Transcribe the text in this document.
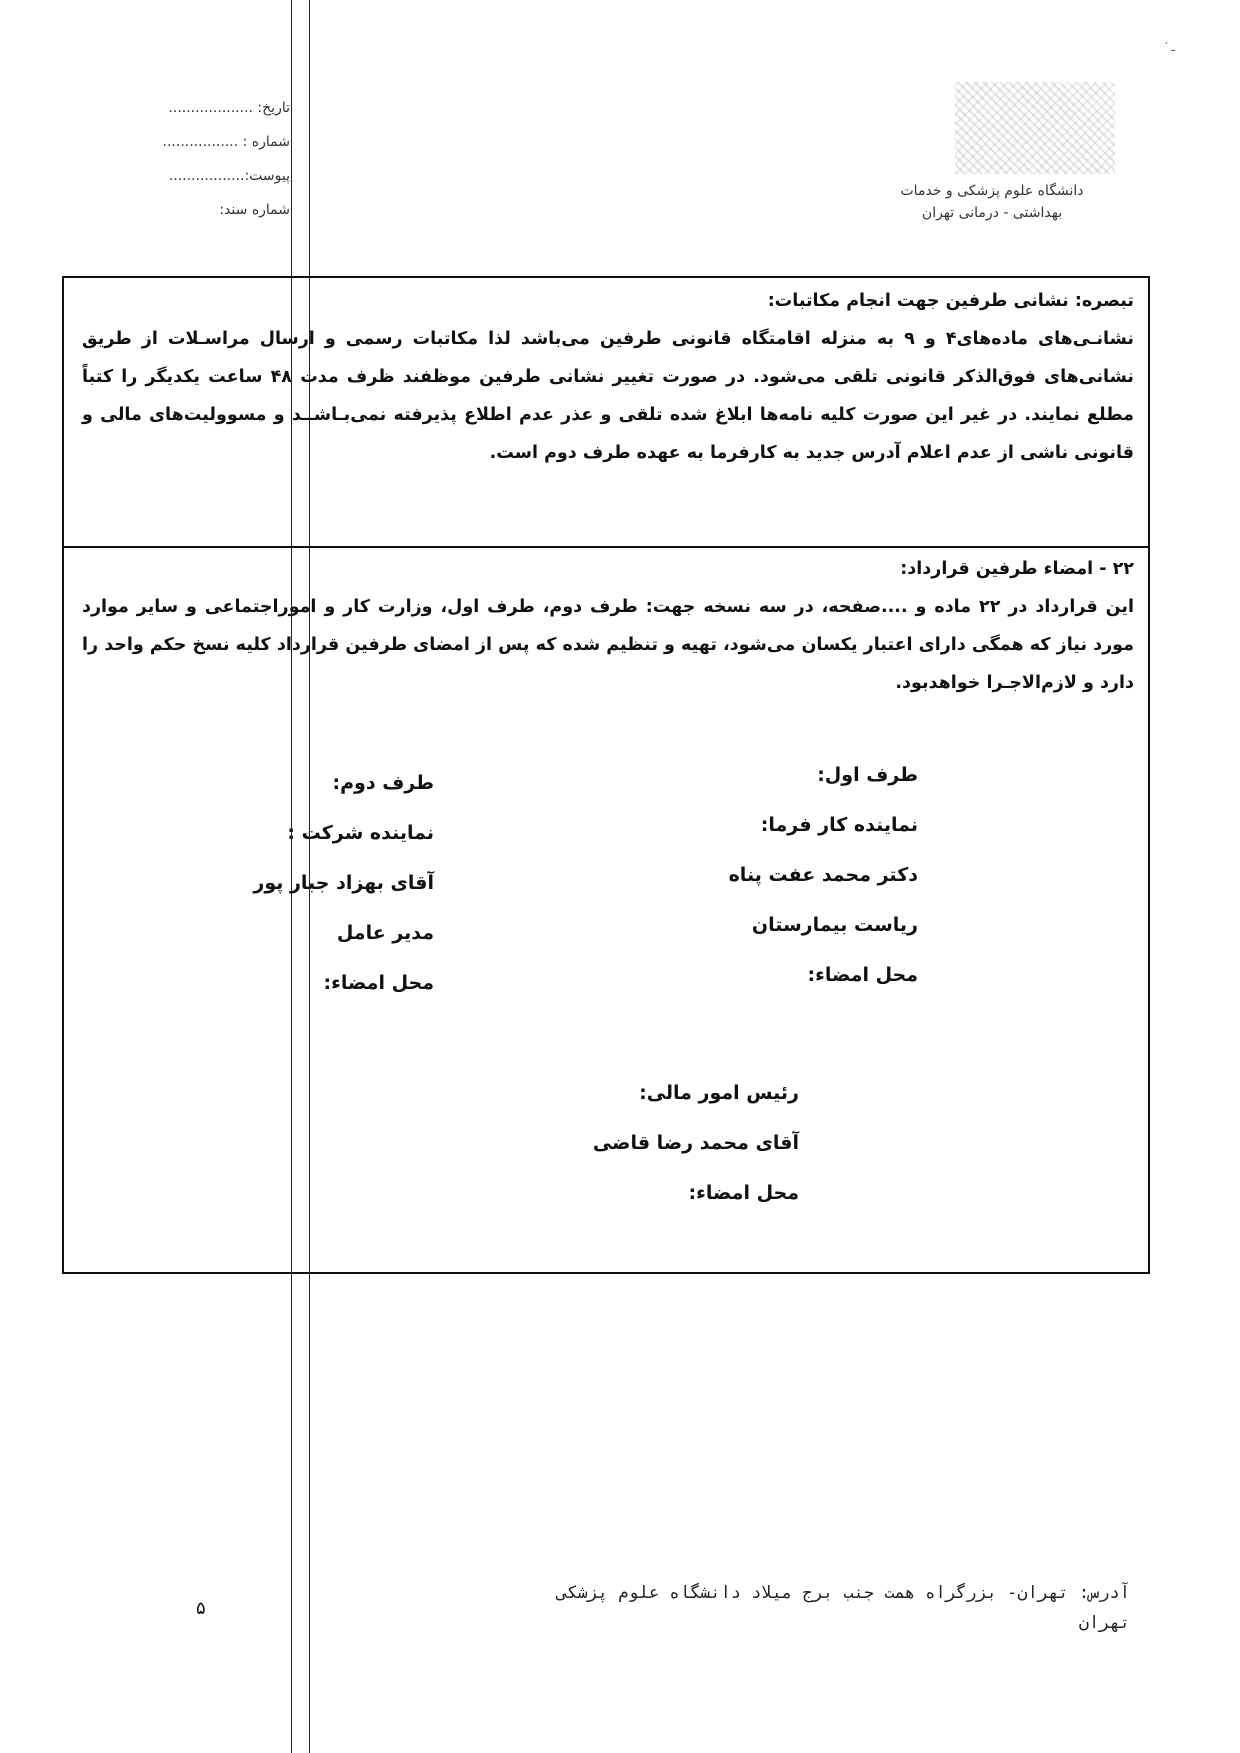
′ ـ
دانشگاه علوم پزشکی و خدمات
بهداشتی - درمانی تهران
تاریخ: ...................
شماره : .................
پیوست:.................
شماره سند:
تبصره: نشانی طرفین جهت انجام مکاتبات:
نشانـی‌های ماده‌های۴ و ۹ به منزله اقامتگاه قانونی طرفین می‌باشد لذا مکاتبات رسمی و ارسال مراسـلات از طریق نشانی‌های فوق‌الذکر قانونی تلقی می‌شود. در صورت تغییر نشانی طرفین موظفند ظرف مدت ۴۸ ساعت یکدیگر را کتباً مطلع نمایند. در غیر این صورت کلیه نامه‌ها ابلاغ شده تلقی و عذر عدم اطلاع پذیرفته نمی‌بـاشــد و مسوولیت‌های مالی و قانونی ناشی از عدم اعلام آدرس جدید به کارفرما به عهده طرف دوم است.
۲۲ - امضاء طرفین قرارداد:
این قرارداد در ۲۲ ماده و ....صفحه، در سه نسخه جهت: طرف دوم، طرف اول، وزارت کار و اموراجتماعی و سایر موارد مورد نیاز که همگی دارای اعتبار یکسان می‌شود، تهیه و تنظیم شده که پس از امضای طرفین قرارداد کلیه نسخ حکم واحد را دارد و لازم‌الاجـرا خواهدبود.
طرف اول:
نماینده کار فرما:
دکتر محمد عفت پناه
ریاست بیمارستان
محل امضاء:
طرف دوم:
نماینده شرکت :
آقای بهزاد جبار پور
مدیر عامل
محل امضاء:
رئیس امور مالی:
آقای محمد رضا قاضی
محل امضاء:
آدرس: تهران- بزرگراه همت جنب برج میلاد دانشگاه علوم پزشکی
تهران
۵
